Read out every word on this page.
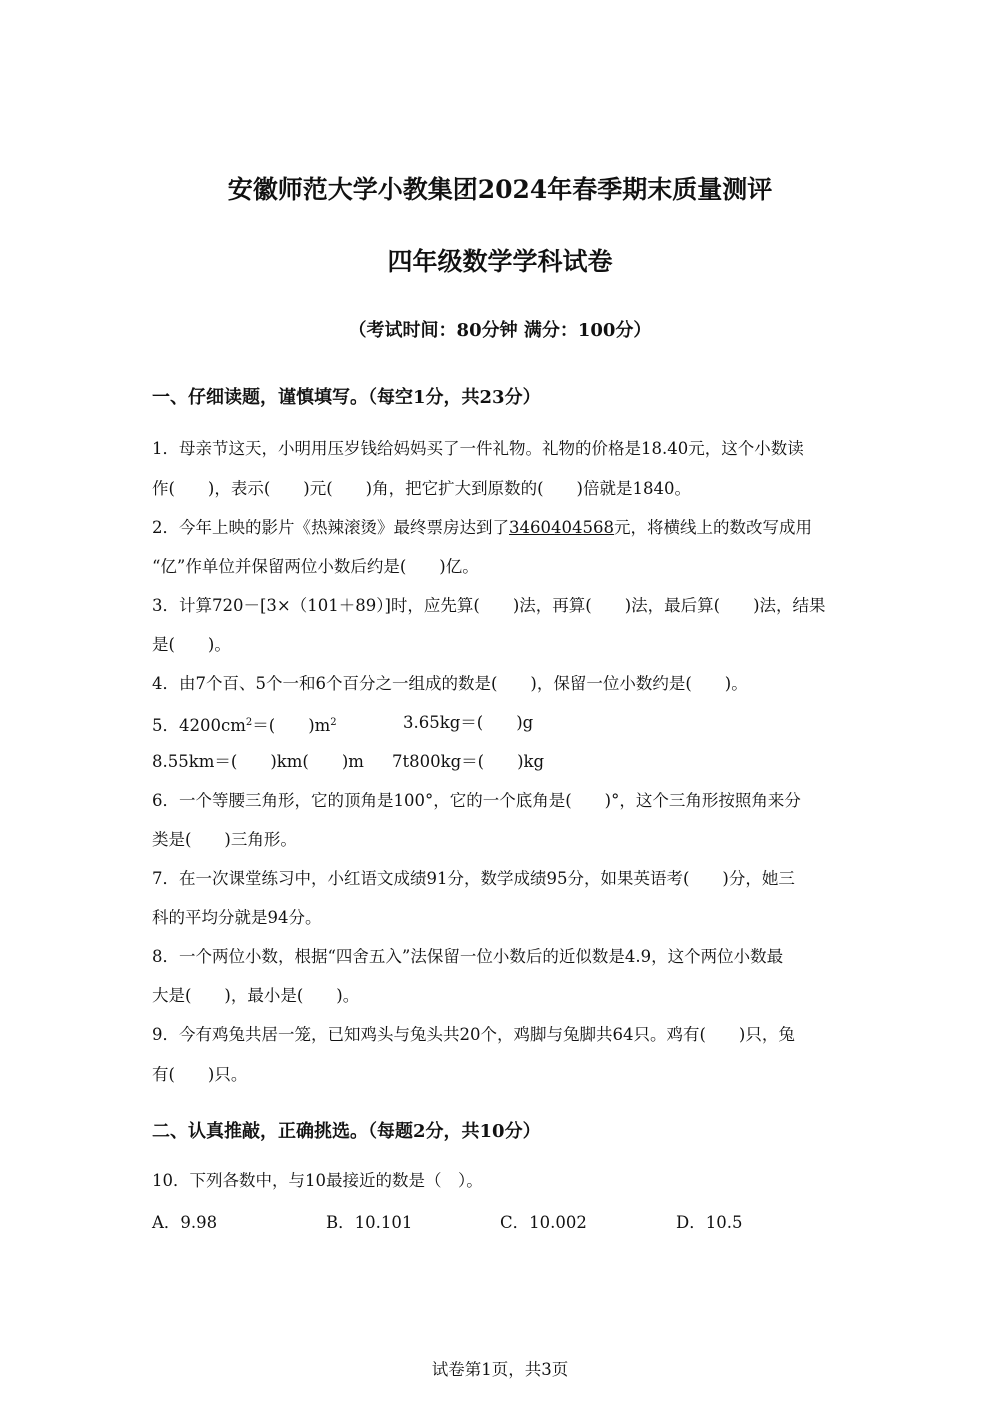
安徽师范大学小教集团2024年春季期末质量测评
四年级数学学科试卷
（考试时间：80分钟 满分：100分）
一、仔细读题，谨慎填写。（每空1分，共23分）
1．母亲节这天，小明用压岁钱给妈妈买了一件礼物。礼物的价格是18.40元，这个小数读
作(　　)，表示(　　)元(　　)角，把它扩大到原数的(　　)倍就是1840。
2．今年上映的影片《热辣滚烫》最终票房达到了3460404568元，将横线上的数改写成用
“亿”作单位并保留两位小数后约是(　　)亿。
3．计算720－[3×（101＋89）]时，应先算(　　)法，再算(　　)法，最后算(　　)法，结果
是(　　)。
4．由7个百、5个一和6个百分之一组成的数是(　　)，保留一位小数约是(　　)。
5．$4200cm^2=$(　　)$m^2$	3.65kg＝(　　)g
8.55km＝(　　)km(　　)m 7t800kg＝(　　)kg
6．一个等腰三角形，它的顶角是100°，它的一个底角是(　　)°，这个三角形按照角来分
类是(　　)三角形。
7．在一次课堂练习中，小红语文成绩91分，数学成绩95分，如果英语考(　　)分，她三
科的平均分就是94分。
8．一个两位小数，根据“四舍五入”法保留一位小数后的近似数是4.9，这个两位小数最
大是(　　)，最小是(　　)。
9．今有鸡兔共居一笼，已知鸡头与兔头共20个，鸡脚与兔脚共64只。鸡有(　　)只，兔
有(　　)只。
二、认真推敲，正确挑选。（每题2分，共10分）
10．下列各数中，与10最接近的数是（　）。
A．9.98	B．10.101	C．10.002	D．10.5
试卷第1页，共3页
